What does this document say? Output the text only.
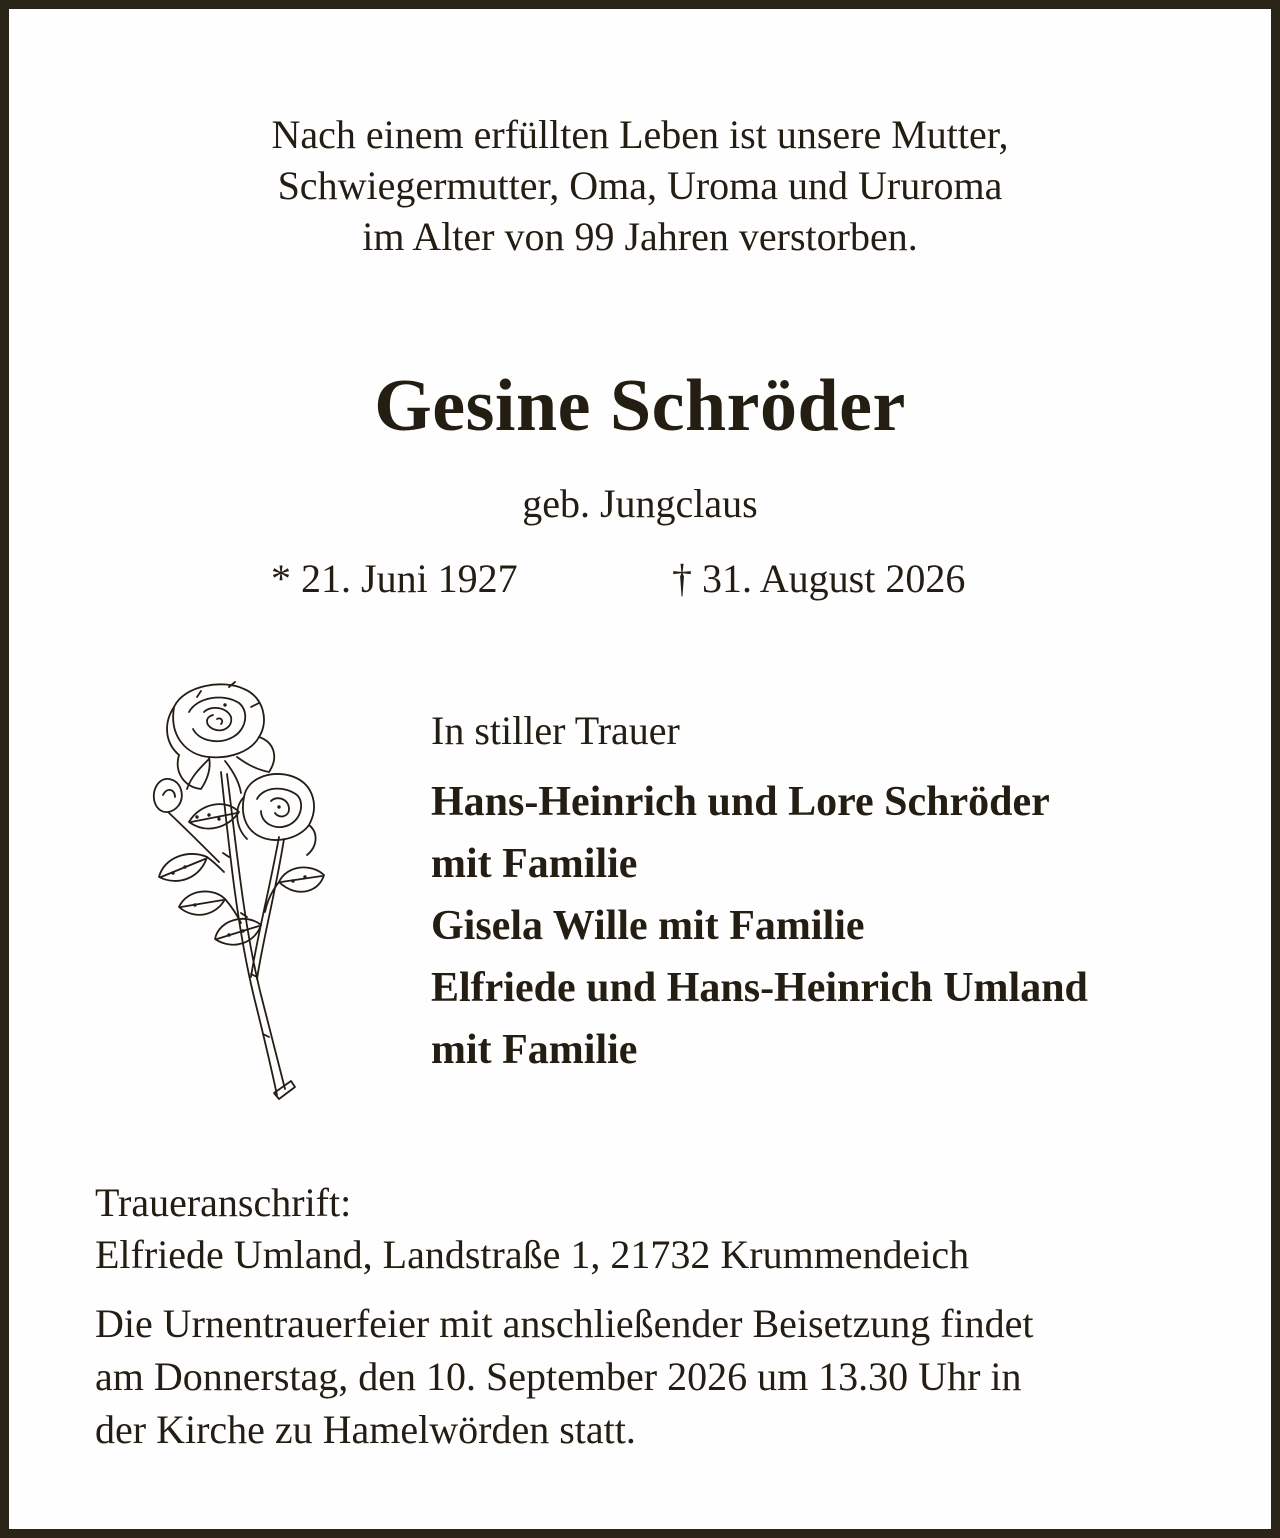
Nach einem erfüllten Leben ist unsere Mutter,
Schwiegermutter, Oma, Uroma und Ururoma
im Alter von 99 Jahren verstorben.
Gesine Schröder
geb. Jungclaus
* 21. Juni 1927	† 31. August 2026
In stiller Trauer
Hans-Heinrich und Lore Schröder
mit Familie
Gisela Wille mit Familie
Elfriede und Hans-Heinrich Umland
mit Familie
Traueranschrift:
Elfriede Umland, Landstraße 1, 21732 Krummendeich
Die Urnentrauerfeier mit anschließender Beisetzung findet
am Donnerstag, den 10. September 2026 um 13.30 Uhr in
der Kirche zu Hamelwörden statt.
